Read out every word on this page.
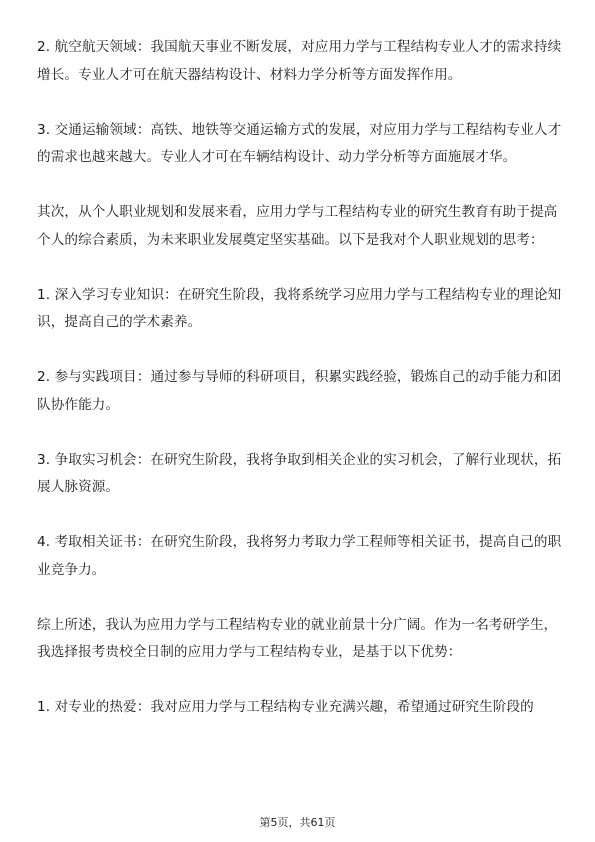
2. 航空航天领域：我国航天事业不断发展，对应用力学与工程结构专业人才的需求持续增长。专业人才可在航天器结构设计、材料力学分析等方面发挥作用。

3. 交通运输领域：高铁、地铁等交通运输方式的发展，对应用力学与工程结构专业人才的需求也越来越大。专业人才可在车辆结构设计、动力学分析等方面施展才华。

其次，从个人职业规划和发展来看，应用力学与工程结构专业的研究生教育有助于提高个人的综合素质，为未来职业发展奠定坚实基础。以下是我对个人职业规划的思考：

1. 深入学习专业知识：在研究生阶段，我将系统学习应用力学与工程结构专业的理论知识，提高自己的学术素养。

2. 参与实践项目：通过参与导师的科研项目，积累实践经验，锻炼自己的动手能力和团队协作能力。

3. 争取实习机会：在研究生阶段，我将争取到相关企业的实习机会，了解行业现状，拓展人脉资源。

4. 考取相关证书：在研究生阶段，我将努力考取力学工程师等相关证书，提高自己的职业竞争力。

综上所述，我认为应用力学与工程结构专业的就业前景十分广阔。作为一名考研学生，我选择报考贵校全日制的应用力学与工程结构专业，是基于以下优势：

1. 对专业的热爱：我对应用力学与工程结构专业充满兴趣，希望通过研究生阶段的

第5页，共61页
